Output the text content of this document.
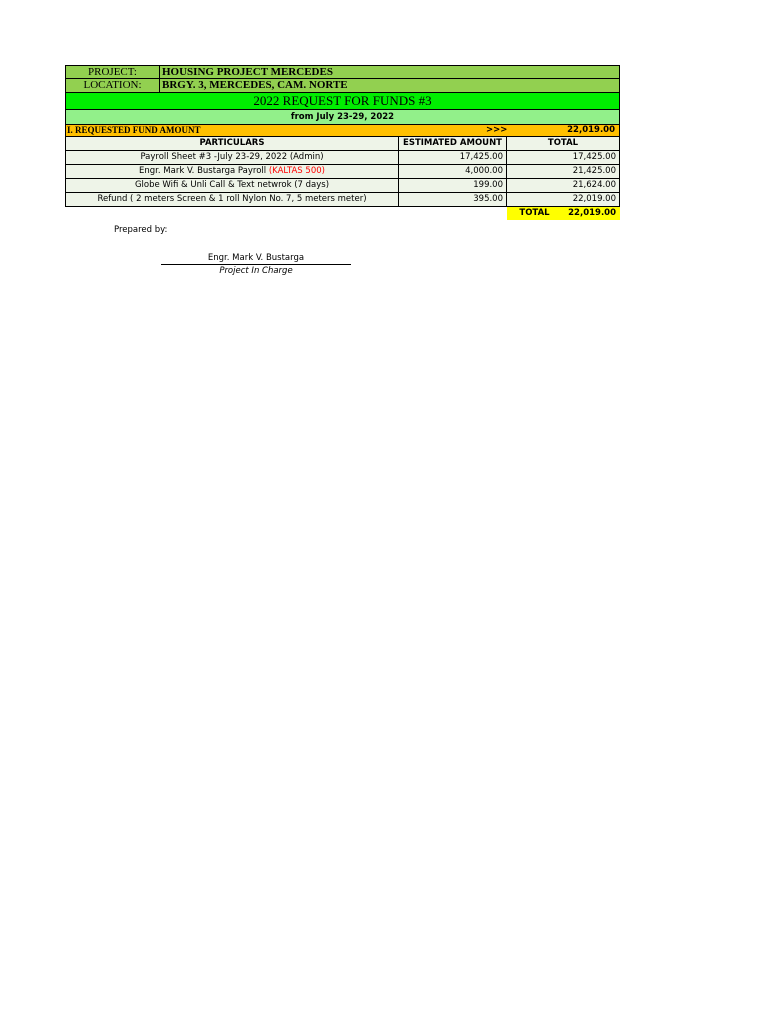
PROJECT:	HOUSING PROJECT MERCEDES
LOCATION:	BRGY. 3, MERCEDES, CAM. NORTE
2022 REQUEST FOR FUNDS #3
from July 23-29, 2022
I. REQUESTED FUND AMOUNT	>>>	22,019.00
PARTICULARS	ESTIMATED AMOUNT	TOTAL
Payroll Sheet #3 -July 23-29, 2022 (Admin)	17,425.00	17,425.00
Engr. Mark V. Bustarga Payroll (KALTAS 500)	4,000.00	21,425.00
Globe Wifi & Unli Call & Text netwrok (7 days)	199.00	21,624.00
Refund ( 2 meters Screen & 1 roll Nylon No. 7, 5 meters meter)	395.00	22,019.00
TOTAL	22,019.00
Prepared by:
Engr. Mark V. Bustarga
Project In Charge
